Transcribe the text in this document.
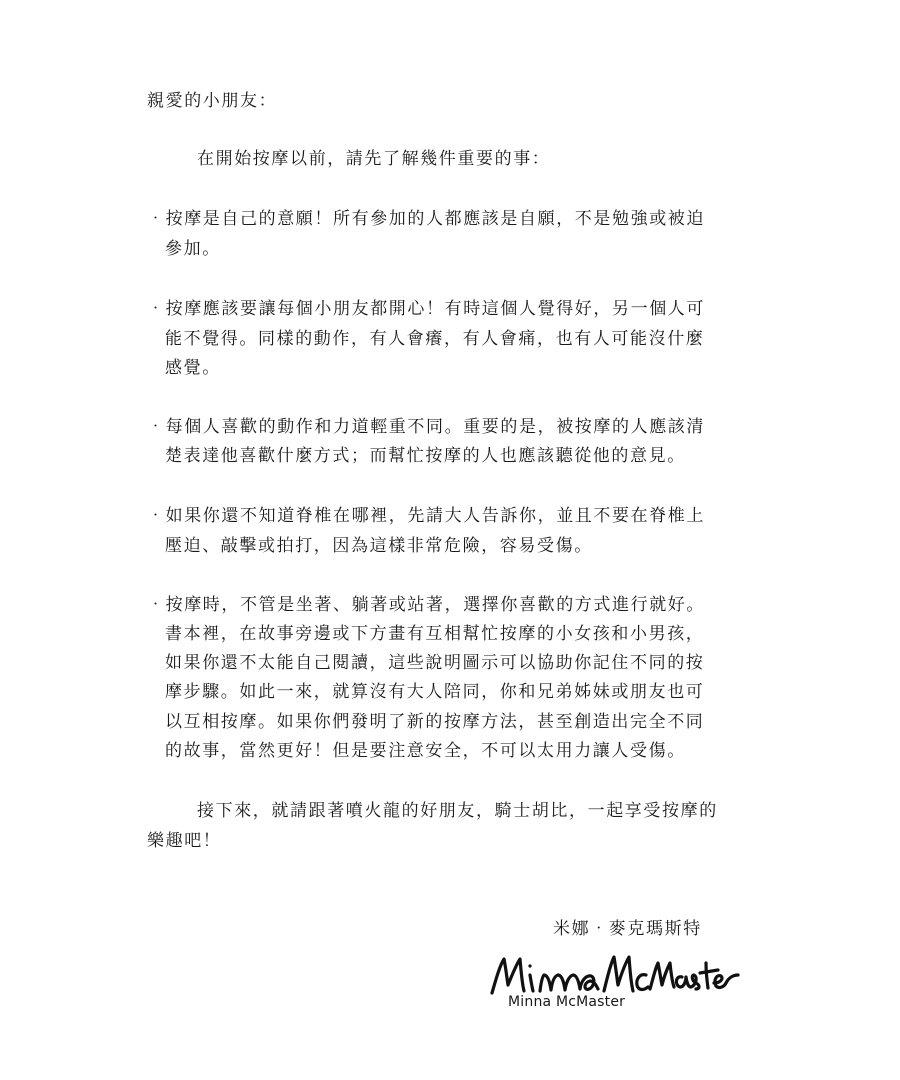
親愛的小朋友：
在開始按摩以前，請先了解幾件重要的事：
‧按摩是自己的意願！所有參加的人都應該是自願，不是勉強或被迫
參加。
‧按摩應該要讓每個小朋友都開心！有時這個人覺得好，另一個人可
能不覺得。同樣的動作，有人會癢，有人會痛，也有人可能沒什麼
感覺。
‧每個人喜歡的動作和力道輕重不同。重要的是，被按摩的人應該清
楚表達他喜歡什麼方式；而幫忙按摩的人也應該聽從他的意見。
‧如果你還不知道脊椎在哪裡，先請大人告訴你，並且不要在脊椎上
壓迫、敲擊或拍打，因為這樣非常危險，容易受傷。
‧按摩時，不管是坐著、躺著或站著，選擇你喜歡的方式進行就好。
書本裡，在故事旁邊或下方畫有互相幫忙按摩的小女孩和小男孩，
如果你還不太能自己閱讀，這些說明圖示可以協助你記住不同的按
摩步驟。如此一來，就算沒有大人陪同，你和兄弟姊妹或朋友也可
以互相按摩。如果你們發明了新的按摩方法，甚至創造出完全不同
的故事，當然更好！但是要注意安全，不可以太用力讓人受傷。
接下來，就請跟著噴火龍的好朋友，騎士胡比，一起享受按摩的
樂趣吧！
米娜‧麥克瑪斯特
Minna McMaster
